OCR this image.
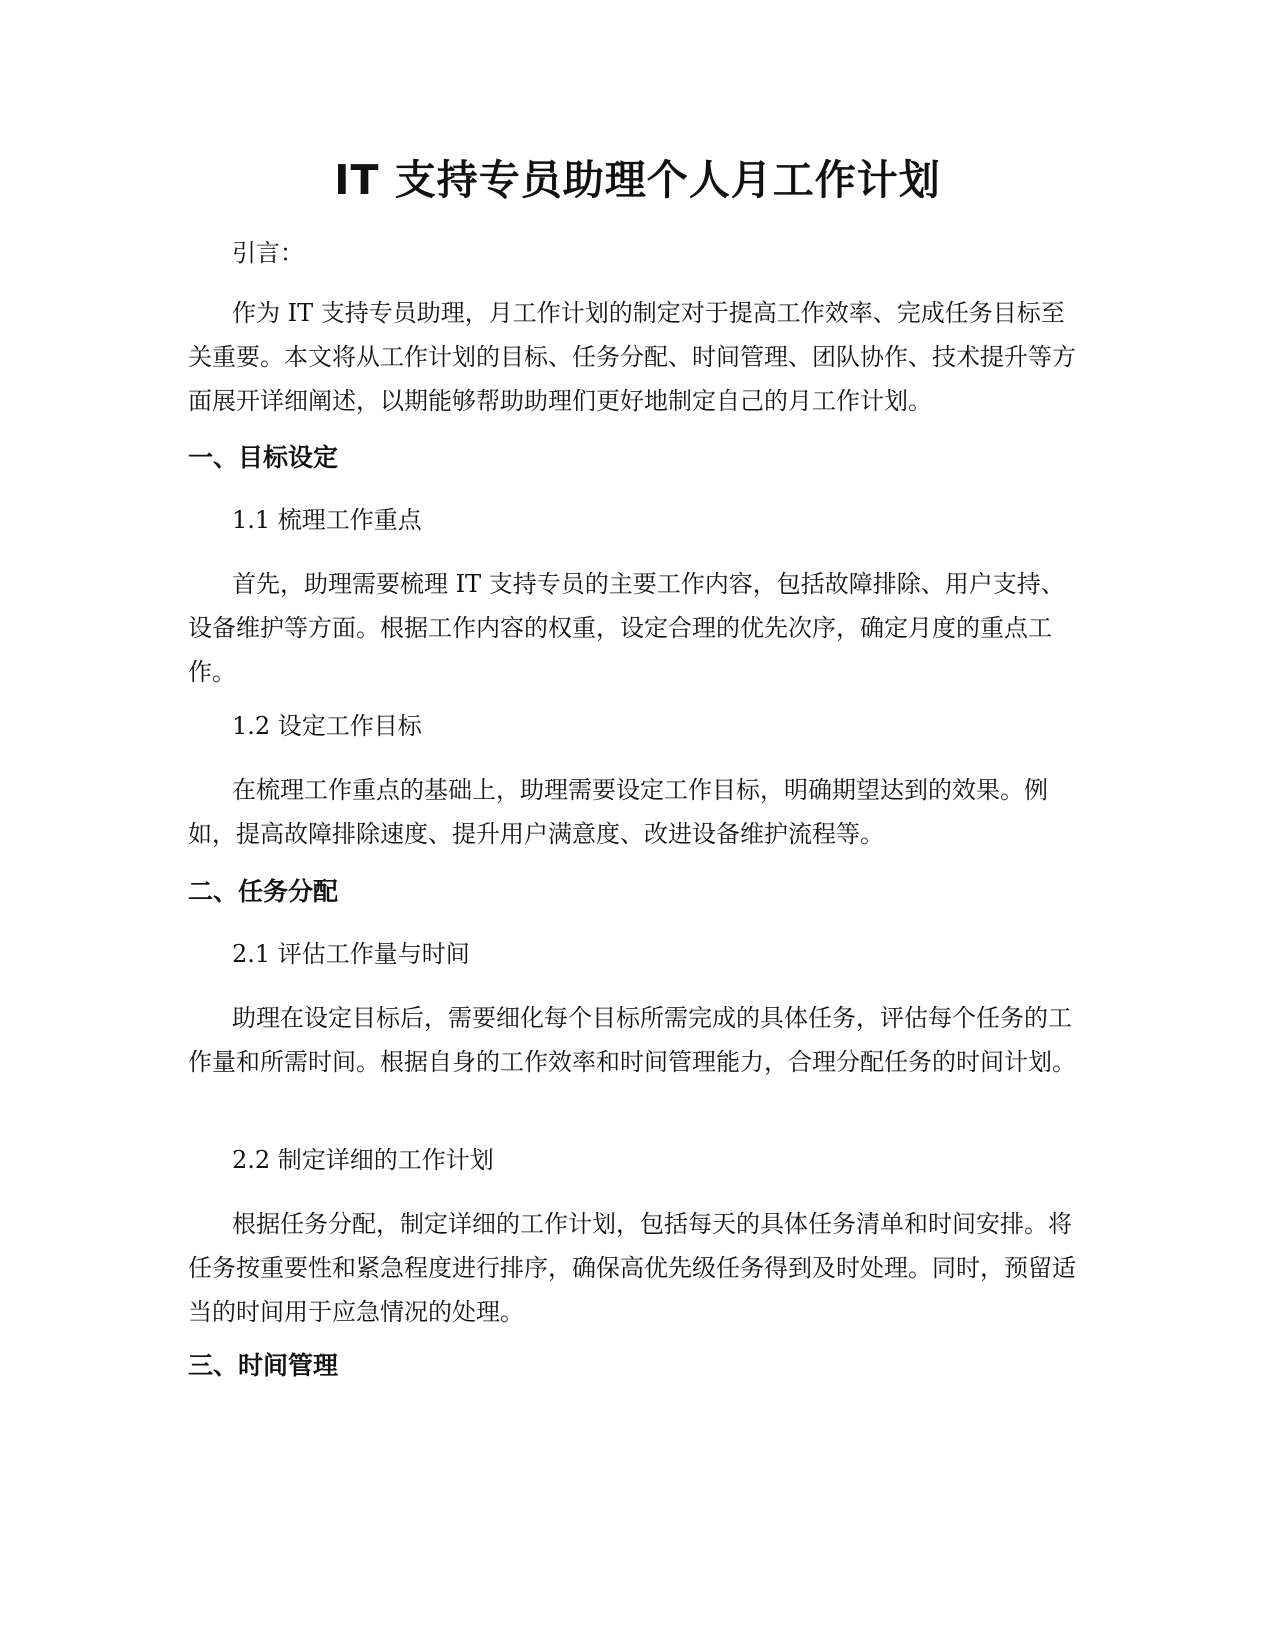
IT 支持专员助理个人月工作计划

引言：

作为 IT 支持专员助理，月工作计划的制定对于提高工作效率、完成任务目标至关重要。本文将从工作计划的目标、任务分配、时间管理、团队协作、技术提升等方面展开详细阐述，以期能够帮助助理们更好地制定自己的月工作计划。

一、目标设定

1.1 梳理工作重点

首先，助理需要梳理 IT 支持专员的主要工作内容，包括故障排除、用户支持、设备维护等方面。根据工作内容的权重，设定合理的优先次序，确定月度的重点工作。

1.2 设定工作目标

在梳理工作重点的基础上，助理需要设定工作目标，明确期望达到的效果。例如，提高故障排除速度、提升用户满意度、改进设备维护流程等。

二、任务分配

2.1 评估工作量与时间

助理在设定目标后，需要细化每个目标所需完成的具体任务，评估每个任务的工作量和所需时间。根据自身的工作效率和时间管理能力，合理分配任务的时间计划。

2.2 制定详细的工作计划

根据任务分配，制定详细的工作计划，包括每天的具体任务清单和时间安排。将任务按重要性和紧急程度进行排序，确保高优先级任务得到及时处理。同时，预留适当的时间用于应急情况的处理。

三、时间管理
